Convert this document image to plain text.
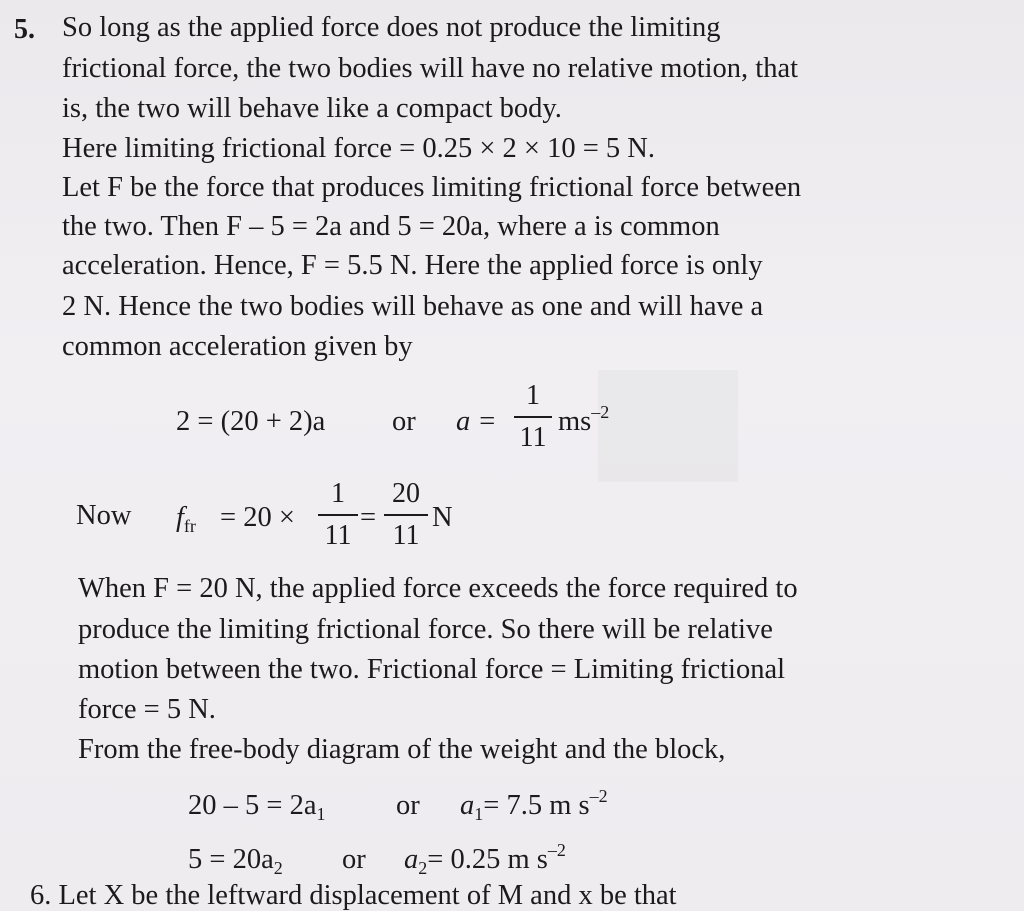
5. So long as the applied force does not produce the limiting
frictional force, the two bodies will have no relative motion, that
is, the two will behave like a compact body.
Here limiting frictional force = 0.25 × 2 × 10 = 5 N.
Let F be the force that produces limiting frictional force between
the two. Then F – 5 = 2a and 5 = 20a, where a is common
acceleration. Hence, F = 5.5 N. Here the applied force is only
2 N. Hence the two bodies will behave as one and will have a
common acceleration given by
2 = (20 + 2)a or a =
1
11
$ms^{-2}$
Now $f_{fr} = 20$ ×
1
11
=
20
11
N
When F = 20 N, the applied force exceeds the force required to
produce the limiting frictional force. So there will be relative
motion between the two. Frictional force = Limiting frictional
force = 5 N.
From the free-body diagram of the weight and the block,
$20 - 5 = 2a_1$ or $a_1= 7.5$ m $s^{-2}$
$5 = 20a_2$ or $a_2= 0.25$ m $s^{-2}$
6. Let X be the leftward displacement of M and x be that
